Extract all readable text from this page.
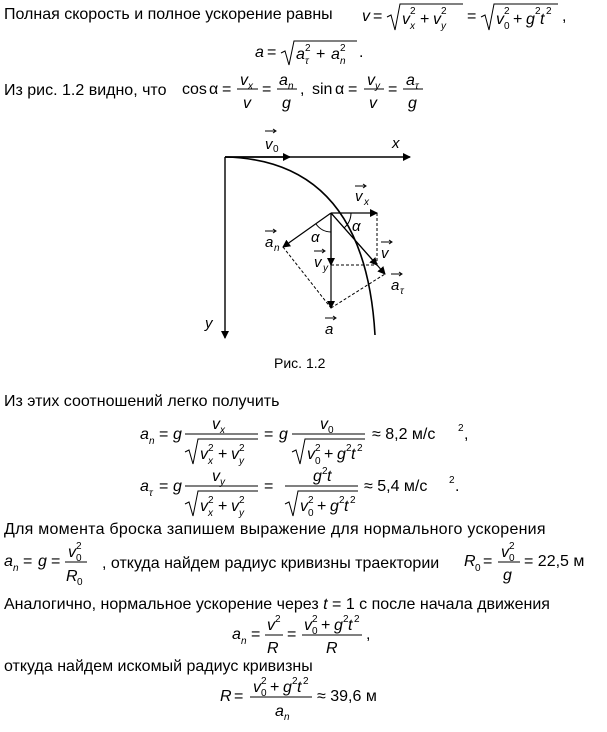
Полная скорость и полное ускорение равны v = v 2
x + v 2
y
= v 2
0 + g 2 t 2 ,
a = a 2
τ + a 2
n
.
Из рис. 1.2 видно, что cos α =
v x
v
=
a n
g
, sin α =
v y
v
=
a τ
g
v 0	x
y
v x
α
α
a n
v y
v
a τ
a
Рис. 1.2
Из этих соотношений легко получить
a n = g
v x
v 2
x + v 2
y
= g
v 0
v 2
0 + g 2 t 2
≈ 8,2 м/с 2 ,
a τ = g
v y
v 2
x + v 2
y
=
g 2 t
v 2
0 + g 2 t 2
≈ 5,4 м/с 2 .
Для момента броска запишем выражение для нормального ускорения
a n = g =
v 2
0
R 0
, откуда найдем радиус кривизны траектории R 0 =
v 2
0
g
= 22,5 м
Аналогично, нормальное ускорение через t = 1 с после начала движения
a n =
v 2
R
=
v 2
0 + g 2 t 2
R
,
откуда найдем искомый радиус кривизны
R =
v 2
0 + g 2 t 2
a n
≈ 39,6 м
